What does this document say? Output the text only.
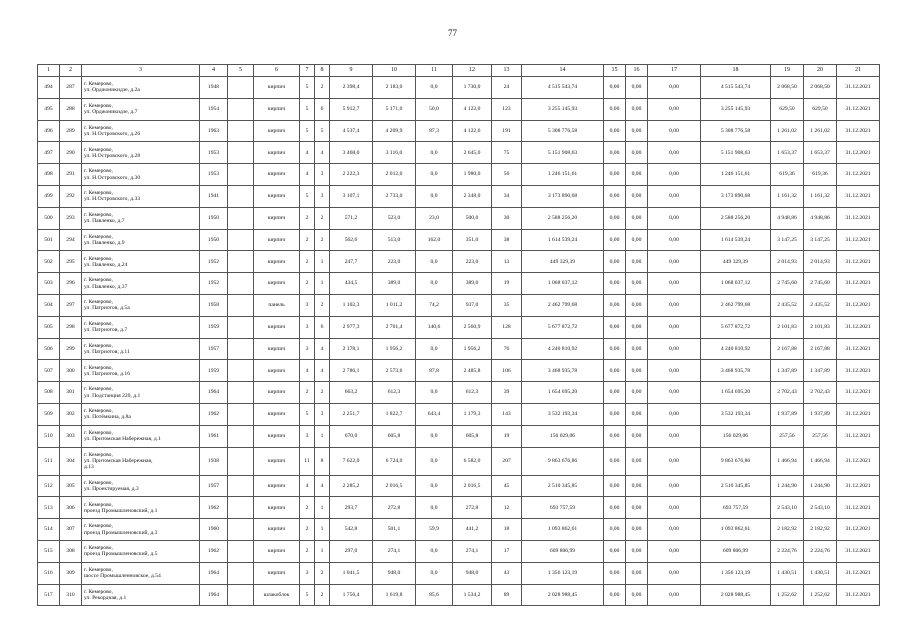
77
1	2	3	4	5	6	7	8	9	10	11	12	13	14	15	16	17	18	19	20	21
494	287	г. Кемерово,
ул. Орджоникидзе, д.2а	1948		кирпич	5	2	2 398,4	2 183,0	0,0	1 730,0	24	4 515 543,74	0,00	0,00	0,00	4 515 543,74	2 068,50	2 068,50	31.12.2021
495	288	г. Кемерово,
ул. Орджоникидзе, д.7	1954		кирпич	5	6	5 912,7	5 171,0	50,0	4 122,0	123	3 255 145,93	0,00	0,00	0,00	3 255 145,93	629,50	629,50	31.12.2021
496	289	г. Кемерово,
ул. Н.Островского, д.26	1963		кирпич	5	5	4 537,4	4 209,9	87,3	4 122,6	191	5 308 776,58	0,00	0,00	0,00	5 308 776,58	1 261,02	1 261,02	31.12.2021
497	290	г. Кемерово,
ул. Н.Островского, д.28	1953		кирпич	4	4	3 468,0	3 116,0	0,0	2 645,0	75	5 151 908,63	0,00	0,00	0,00	5 151 908,63	1 653,37	1 653,37	31.12.2021
498	291	г. Кемерово,
ул. Н.Островского, д.30	1953		кирпич	4	3	2 222,3	2 012,0	0,0	1 980,0	56	1 246 151,61	0,00	0,00	0,00	1 246 151,61	619,36	619,36	31.12.2021
499	292	г. Кемерово,
ул. Н.Островского, д.33	1941		кирпич	5	3	3 107,1	2 733,0	0,0	2 348,0	34	3 173 890,68	0,00	0,00	0,00	3 173 890,68	1 161,32	1 161,32	31.12.2021
500	293	г. Кемерово,
ул. Павленко, д.7	1950		кирпич	2	2	571,2	523,0	23,0	500,0	30	2 588 256,20	0,00	0,00	0,00	2 588 256,20	4 948,86	4 948,86	31.12.2021
501	294	г. Кемерово,
ул. Павленко, д.9	1950		кирпич	2	2	562,6	513,0	162,0	351,0	38	1 614 539,24	0,00	0,00	0,00	1 614 539,24	3 147,25	3 147,25	31.12.2021
502	295	г. Кемерово,
ул. Павленко, д.24	1952		кирпич	2	1	247,7	223,0	0,0	223,0	13	449 329,39	0,00	0,00	0,00	449 329,39	2 014,93	2 014,93	31.12.2021
503	296	г. Кемерово,
ул. Павленко, д.37	1952		кирпич	2	1	434,5	389,0	0,0	389,0	19	1 068 037,12	0,00	0,00	0,00	1 068 037,12	2 745,60	2 745,60	31.12.2021
504	297	г. Кемерово,
ул. Патриотов, д.5а	1958		панель	3	2	1 102,3	1 011,2	74,2	937,0	35	2 462 799,68	0,00	0,00	0,00	2 462 799,68	2 435,52	2 435,52	31.12.2021
505	298	г. Кемерово,
ул. Патриотов, д.7	1959		кирпич	3	6	2 977,3	2 701,4	140,6	2 560,9	128	5 677 872,72	0,00	0,00	0,00	5 677 872,72	2 101,83	2 101,83	31.12.2021
506	299	г. Кемерово,
ул. Патриотов, д.11	1957		кирпич	3	4	2 178,1	1 956,2	0,0	1 956,2	76	4 240 810,92	0,00	0,00	0,00	4 240 810,92	2 167,88	2 167,88	31.12.2021
507	300	г. Кемерово,
ул. Патриотов, д.16	1959		кирпич	4	4	2 786,1	2 573,6	87,8	2 485,8	106	3 468 935,78	0,00	0,00	0,00	3 468 935,78	1 347,89	1 347,89	31.12.2021
508	301	г. Кемерово,
ул. Подстанция 220, д.1	1964		кирпич	2	2	663,2	612,3	0,0	612,3	39	1 654 695,20	0,00	0,00	0,00	1 654 695,20	2 702,43	2 702,43	31.12.2021
509	302	г. Кемерово,
ул. Потёмкина, д.8а	1962		кирпич	5	3	2 251,7	1 822,7	643,4	1 179,3	143	3 532 193,34	0,00	0,00	0,00	3 532 193,34	1 937,89	1 937,89	31.12.2021
510	303	г. Кемерово,
ул. Притомская Набережная, д.1	1961		кирпич	3	1	670,0	605,8	0,0	605,8	19	156 029,06	0,00	0,00	0,00	156 029,06	257,56	257,56	31.12.2021
511	304	г. Кемерово,
ул. Притомская Набережная,
д.13	1938		кирпич	11	8	7 622,0	6 724,0	0,0	6 582,0	207	9 863 676,86	0,00	0,00	0,00	9 863 676,86	1 466,94	1 466,94	31.12.2021
512	305	г. Кемерово,
ул. Проектируемая, д.3	1957		кирпич	4	4	2 285,2	2 016,5	0,0	2 016,5	45	2 510 345,85	0,00	0,00	0,00	2 510 345,85	1 244,90	1 244,90	31.12.2021
513	306	г. Кемерово,
проезд Промышленовский, д.1	1962		кирпич	2	1	293,7	272,8	0,0	272,8	12	693 757,59	0,00	0,00	0,00	693 757,59	2 543,10	2 543,10	31.12.2021
514	307	г. Кемерово,
проезд Промышленовский, д.3	1960		кирпич	2	1	542,8	501,1	59,9	441,2	18	1 093 862,61	0,00	0,00	0,00	1 093 862,61	2 182,92	2 182,92	31.12.2021
515	308	г. Кемерово,
проезд Промышленовский, д.5	1962		кирпич	2	1	297,0	274,1	0,0	274,1	17	609 806,99	0,00	0,00	0,00	609 806,99	2 224,76	2 224,76	31.12.2021
516	309	г. Кемерово,
шоссе Промышленновское, д.54	1964		кирпич	3	2	1 041,5	948,0	0,0	948,0	43	1 356 123,19	0,00	0,00	0,00	1 356 123,19	1 430,51	1 430,51	31.12.2021
517	310	г. Кемерово,
ул. Рекордная, д.1	1964		шлакоблок	5	2	1 756,4	1 619,8	85,6	1 534,2	89	2 028 988,45	0,00	0,00	0,00	2 028 988,45	1 252,62	1 252,62	31.12.2021
